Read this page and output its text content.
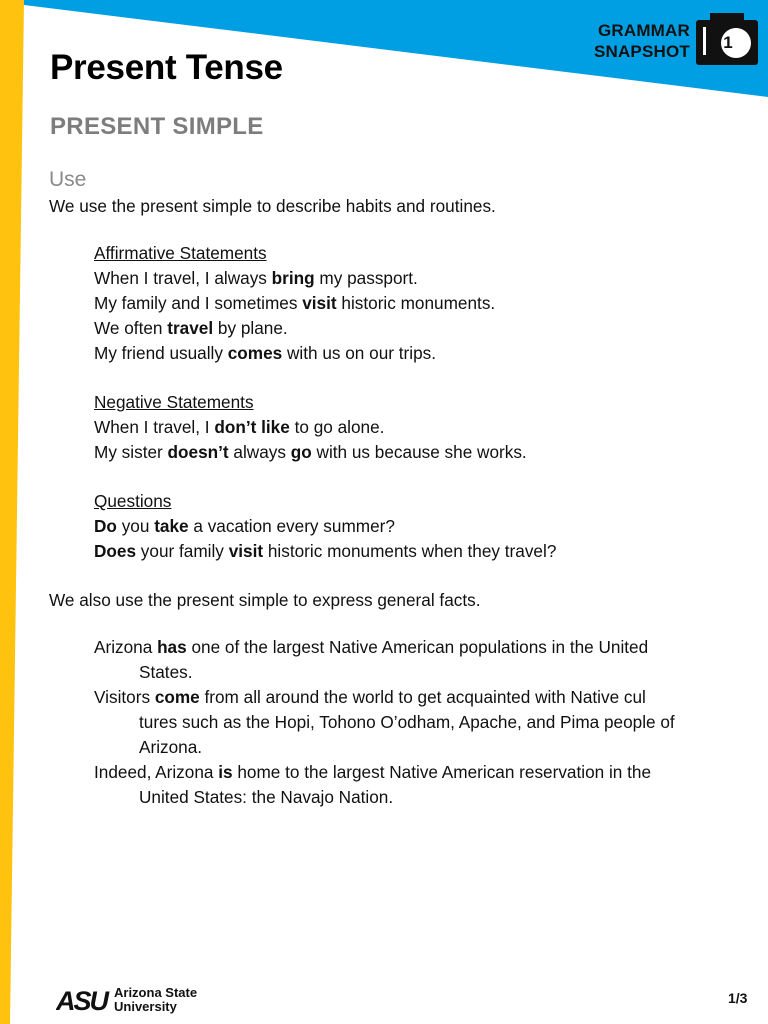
GRAMMAR
SNAPSHOT	1
Present Tense
PRESENT SIMPLE
Use

We use the present simple to describe habits and routines.

Affirmative Statements

When I travel, I always bring my passport.

My family and I sometimes visit historic monuments.

We often travel by plane.

My friend usually comes with us on our trips.

Negative Statements

When I travel, I don’t like to go alone.

My sister doesn’t always go with us because she works.

Questions

Do you take a vacation every summer?

Does your family visit historic monuments when they travel?

We also use the present simple to express general facts.

Arizona has one of the largest Native American populations in the United
States.

Visitors come from all around the world to get acquainted with Native cul
tures such as the Hopi, Tohono O’odham, Apache, and Pima people of
Arizona.

Indeed, Arizona is home to the largest Native American reservation in the
United States: the Navajo Nation.

ASU Arizona State
University
1/3
